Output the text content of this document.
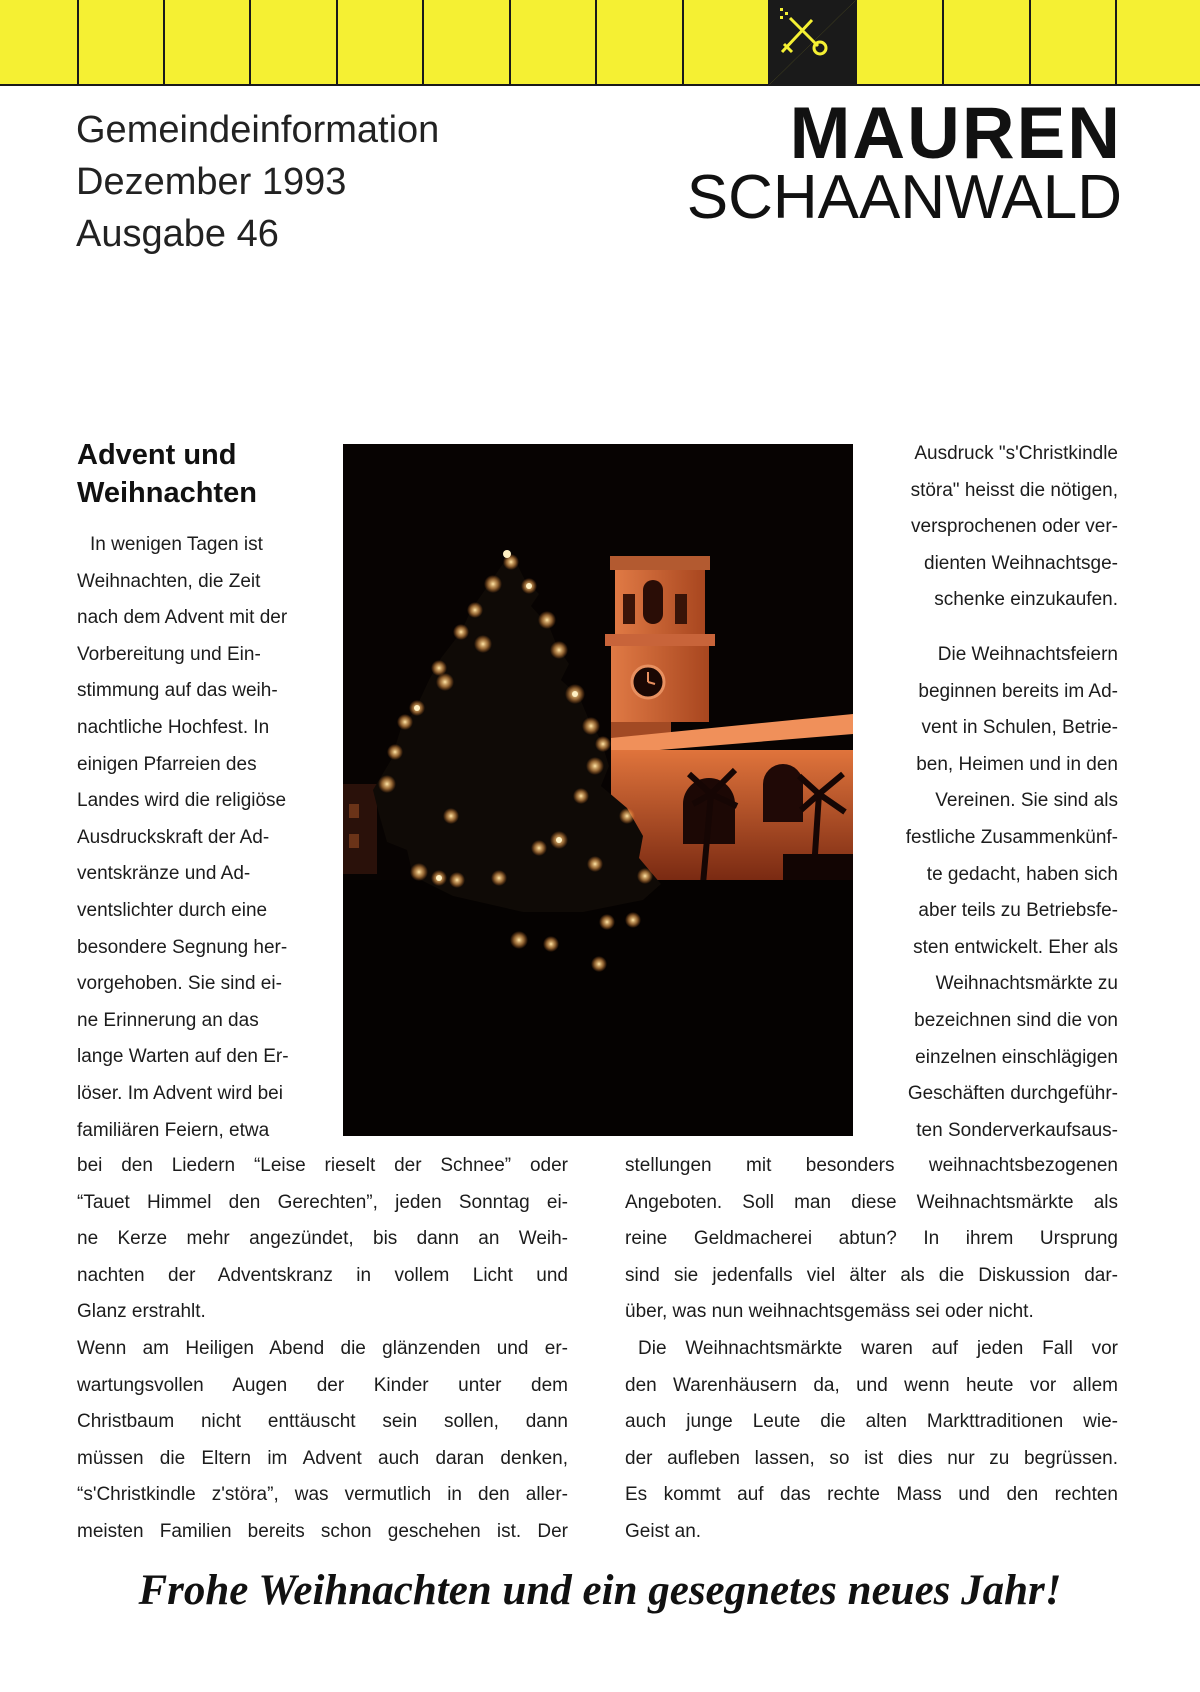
Gemeindeinformation
Dezember 1993
Ausgabe 46
MAUREN
SCHAANWALD
Advent und
Weihnachten
In wenigen Tagen ist
Weihnachten, die Zeit
nach dem Advent mit der
Vorbereitung und Ein-
stimmung auf das weih-
nachtliche Hochfest. In
einigen Pfarreien des
Landes wird die religiöse
Ausdruckskraft der Ad-
ventskränze und Ad-
ventslichter durch eine
besondere Segnung her-
vorgehoben. Sie sind ei-
ne Erinnerung an das
lange Warten auf den Er-
löser. Im Advent wird bei
familiären Feiern, etwa
Ausdruck "s'Christkindle
störa" heisst die nötigen,
versprochenen oder ver-
dienten Weihnachtsge-
schenke einzukaufen.
Die Weihnachtsfeiern
beginnen bereits im Ad-
vent in Schulen, Betrie-
ben, Heimen und in den
Vereinen. Sie sind als
festliche Zusammenkünf-
te gedacht, haben sich
aber teils zu Betriebsfe-
sten entwickelt. Eher als
Weihnachtsmärkte zu
bezeichnen sind die von
einzelnen einschlägigen
Geschäften durchgeführ-
ten Sonderverkaufsaus-
bei den Liedern “Leise rieselt der Schnee” oder
“Tauet Himmel den Gerechten”, jeden Sonntag ei-
ne Kerze mehr angezündet, bis dann an Weih-
nachten der Adventskranz in vollem Licht und
Glanz erstrahlt.
Wenn am Heiligen Abend die glänzenden und er-
wartungsvollen Augen der Kinder unter dem
Christbaum nicht enttäuscht sein sollen, dann
müssen die Eltern im Advent auch daran denken,
“s'Christkindle z'störa”, was vermutlich in den aller-
meisten Familien bereits schon geschehen ist. Der
stellungen mit besonders weihnachtsbezogenen
Angeboten. Soll man diese Weihnachtsmärkte als
reine Geldmacherei abtun? In ihrem Ursprung
sind sie jedenfalls viel älter als die Diskussion dar-
über, was nun weihnachtsgemäss sei oder nicht.
Die Weihnachtsmärkte waren auf jeden Fall vor
den Warenhäusern da, und wenn heute vor allem
auch junge Leute die alten Markttraditionen wie-
der aufleben lassen, so ist dies nur zu begrüssen.
Es kommt auf das rechte Mass und den rechten
Geist an.
Frohe Weihnachten und ein gesegnetes neues Jahr!
